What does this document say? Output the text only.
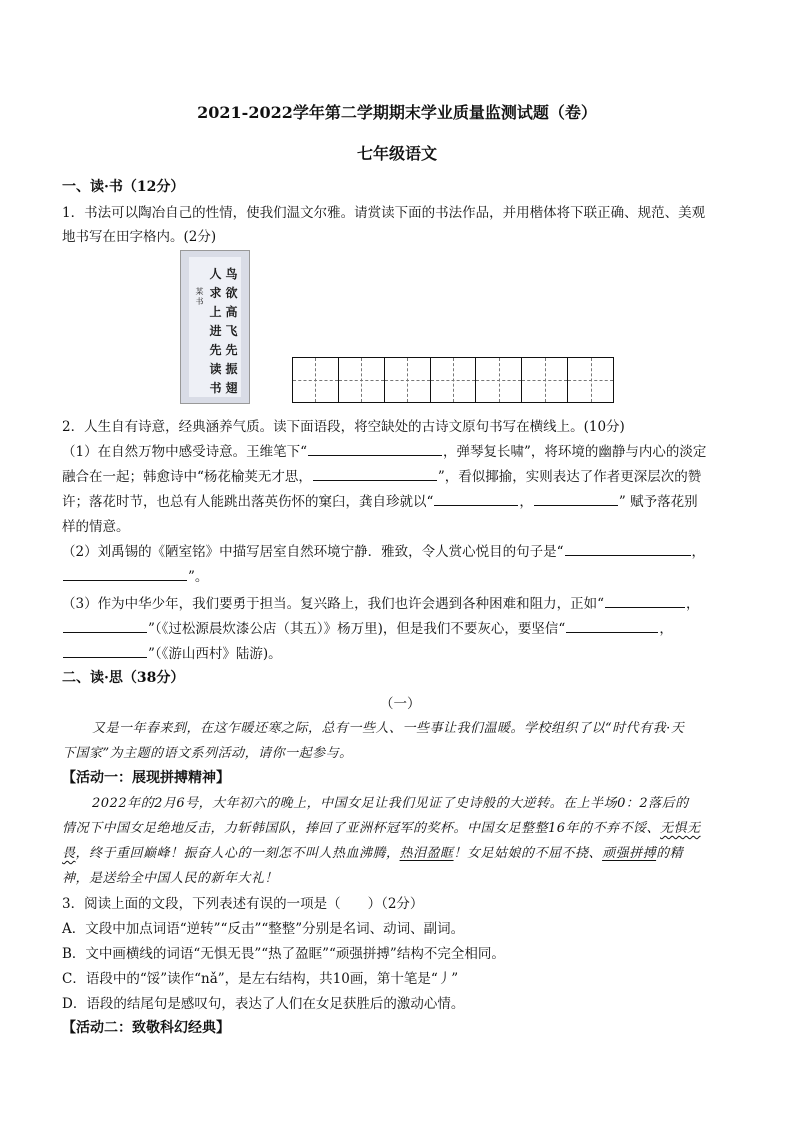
2021-2022学年第二学期期末学业质量监测试题（卷）
七年级语文
一、读·书（12分）
1．书法可以陶冶自己的性情，使我们温文尔雅。请赏读下面的书法作品，并用楷体将下联正确、规范、美观
地书写在田字格内。(2分)
鸟欲高飞先振翅
人求上进先读书
某书
2．人生自有诗意，经典涵养气质。读下面语段，将空缺处的古诗文原句书写在横线上。(10分)
（1）在自然万物中感受诗意。王维笔下“	，弹琴复长啸”，将环境的幽静与内心的淡定
融合在一起；韩愈诗中“杨花榆荚无才思，	”，看似揶揄，实则表达了作者更深层次的赞
许；落花时节，也总有人能跳出落英伤怀的窠臼，龚自珍就以“	，	” 赋予落花别
样的情意。
（2）刘禹锡的《陋室铭》中描写居室自然环境宁静．雅致，令人赏心悦目的句子是“	，
”。
（3）作为中华少年，我们要勇于担当。复兴路上，我们也许会遇到各种困难和阻力，正如“	，
”（《过松源晨炊漆公店（其五）》杨万里)，但是我们不要灰心，要坚信“	，
”（《游山西村》陆游)。
二、读·思（38分）
（一）
又是一年春来到，在这乍暖还寒之际，总有一些人、一些事让我们温暖。学校组织了以“时代有我·天
下国家”为主题的语文系列活动，请你一起参与。
【活动一：展现拼搏精神】
2022年的2月6号，大年初六的晚上，中国女足让我们见证了史诗般的大逆转。在上半场0：2落后的
情况下中国女足绝地反击，力斩韩国队，捧回了亚洲杯冠军的奖杯。中国女足整整16年的不弃不馁、无惧无
畏，终于重回巅峰！振奋人心的一刻怎不叫人热血沸腾，热泪盈眶！女足姑娘的不屈不挠、顽强拼搏的精
神，是送给全中国人民的新年大礼！
3．阅读上面的文段，下列表述有误的一项是（　　）（2分）
A．文段中加点词语“逆转”“反击”“整整”分别是名词、动词、副词。
B．文中画横线的词语“无惧无畏”“热了盈眶”“顽强拼搏”结构不完全相同。
C．语段中的“馁”读作“nǎ”，是左右结构，共10画，第十笔是“丿”
D．语段的结尾句是感叹句，表达了人们在女足获胜后的激动心情。
【活动二：致敬科幻经典】
